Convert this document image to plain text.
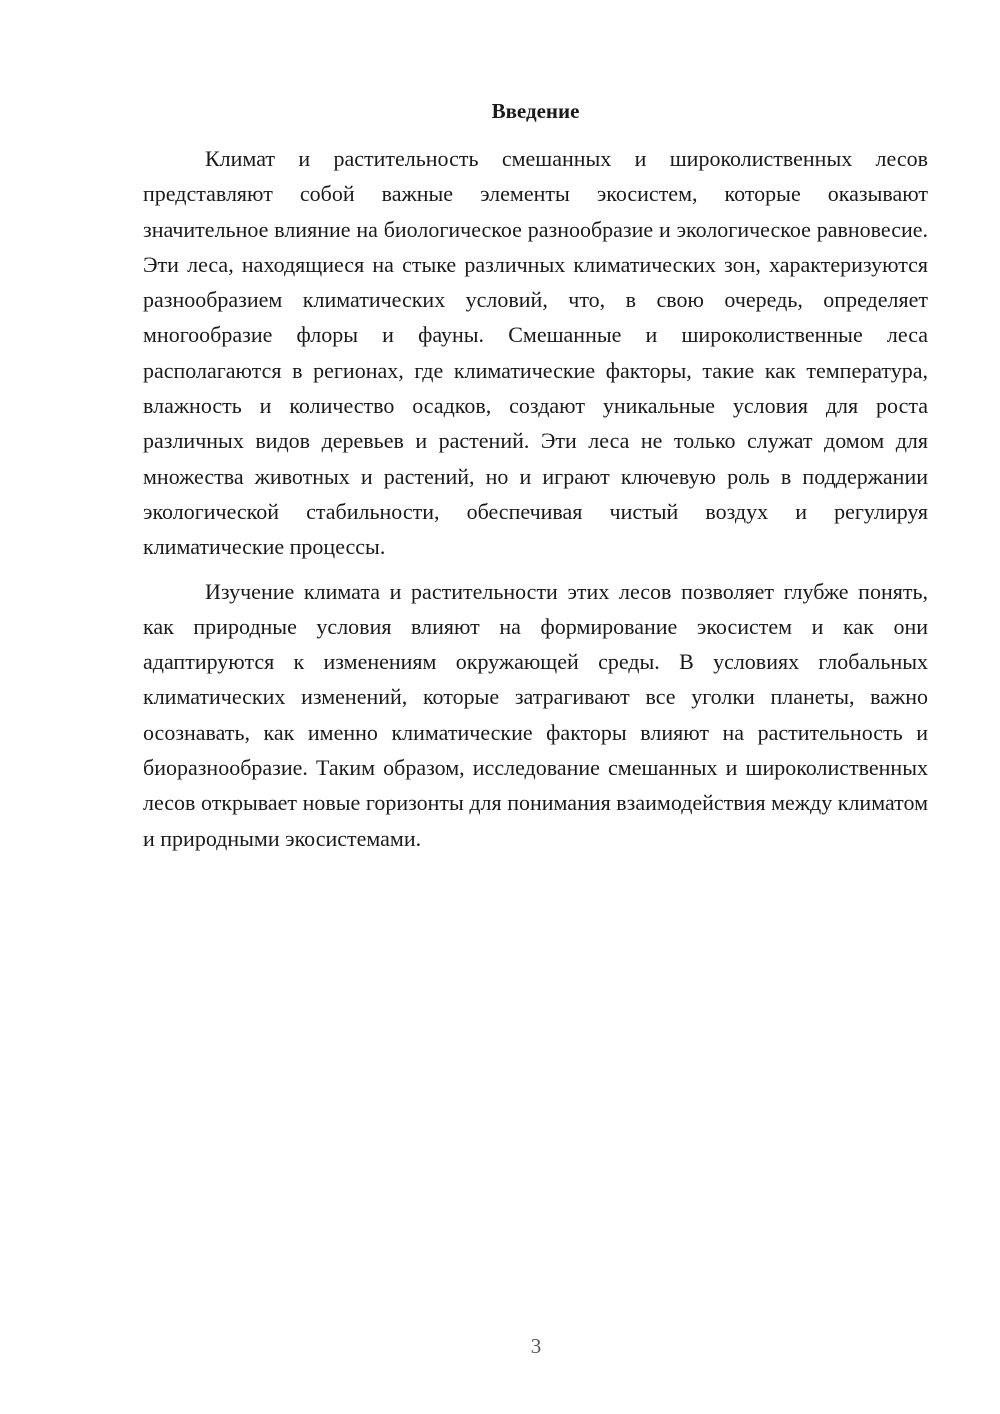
Введение

Климат и растительность смешанных и широколиственных лесов представляют собой важные элементы экосистем, которые оказывают значительное влияние на биологическое разнообразие и экологическое равновесие. Эти леса, находящиеся на стыке различных климатических зон, характеризуются разнообразием климатических условий, что, в свою очередь, определяет многообразие флоры и фауны. Смешанные и широколиственные леса располагаются в регионах, где климатические факторы, такие как температура, влажность и количество осадков, создают уникальные условия для роста различных видов деревьев и растений. Эти леса не только служат домом для множества животных и растений, но и играют ключевую роль в поддержании экологической стабильности, обеспечивая чистый воздух и регулируя климатические процессы.

Изучение климата и растительности этих лесов позволяет глубже понять, как природные условия влияют на формирование экосистем и как они адаптируются к изменениям окружающей среды. В условиях глобальных климатических изменений, которые затрагивают все уголки планеты, важно осознавать, как именно климатические факторы влияют на растительность и биоразнообразие. Таким образом, исследование смешанных и широколиственных лесов открывает новые горизонты для понимания взаимодействия между климатом и природными экосистемами.

3
